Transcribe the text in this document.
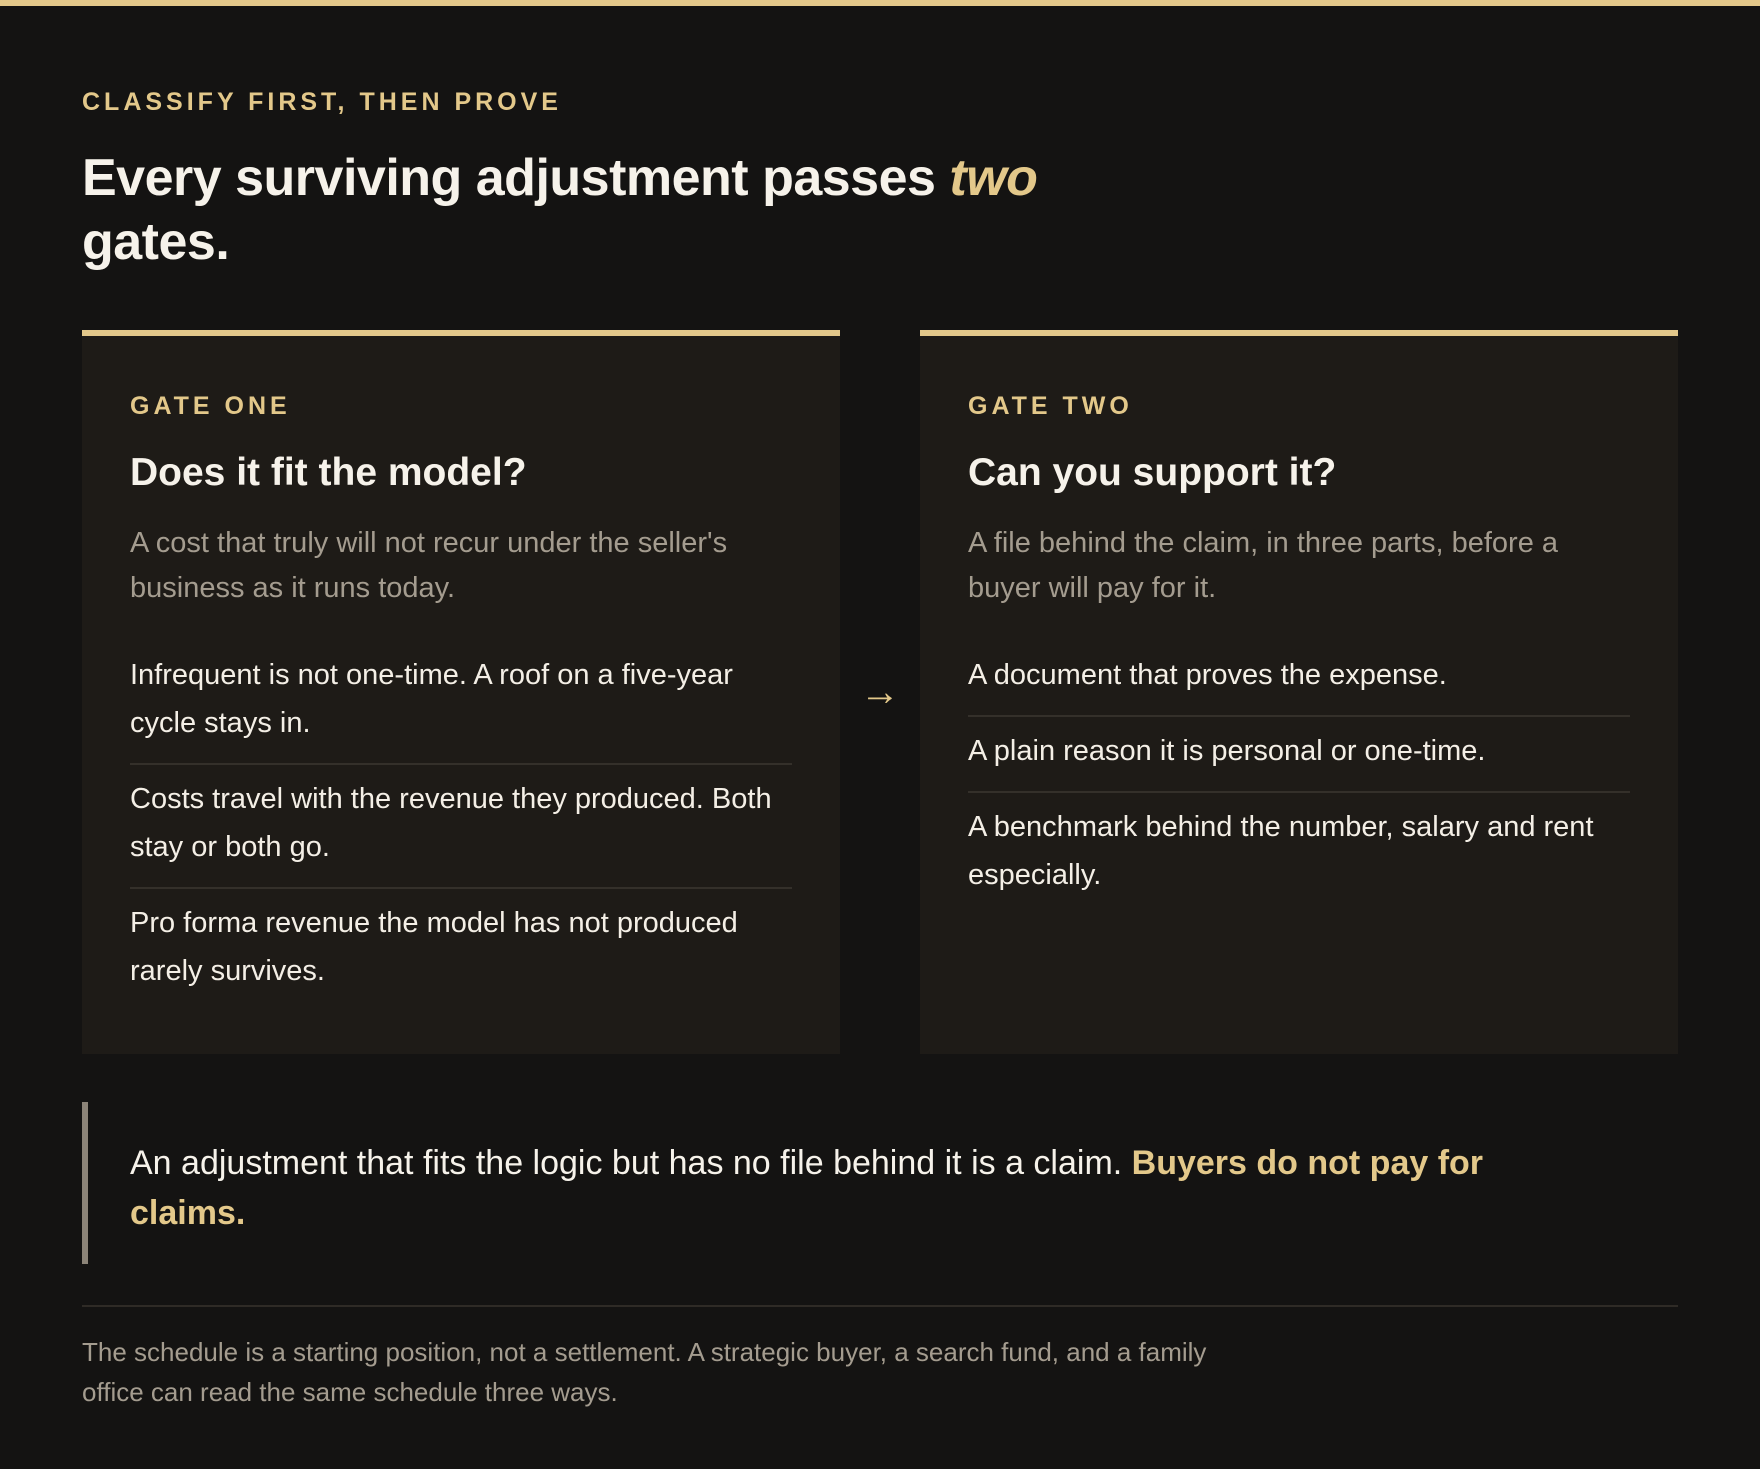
CLASSIFY FIRST, THEN PROVE
Every surviving adjustment passes two gates.
GATE ONE
Does it fit the model?

A cost that truly will not recur under the seller's business as it runs today.

Infrequent is not one-time. A roof on a five-year cycle stays in.
Costs travel with the revenue they produced. Both stay or both go.
Pro forma revenue the model has not produced rarely survives.
→
GATE TWO
Can you support it?

A file behind the claim, in three parts, before a buyer will pay for it.

A document that proves the expense.
A plain reason it is personal or one-time.
A benchmark behind the number, salary and rent especially.

An adjustment that fits the logic but has no file behind it is a claim. Buyers do not pay for claims.

The schedule is a starting position, not a settlement. A strategic buyer, a search fund, and a family office can read the same schedule three ways.
